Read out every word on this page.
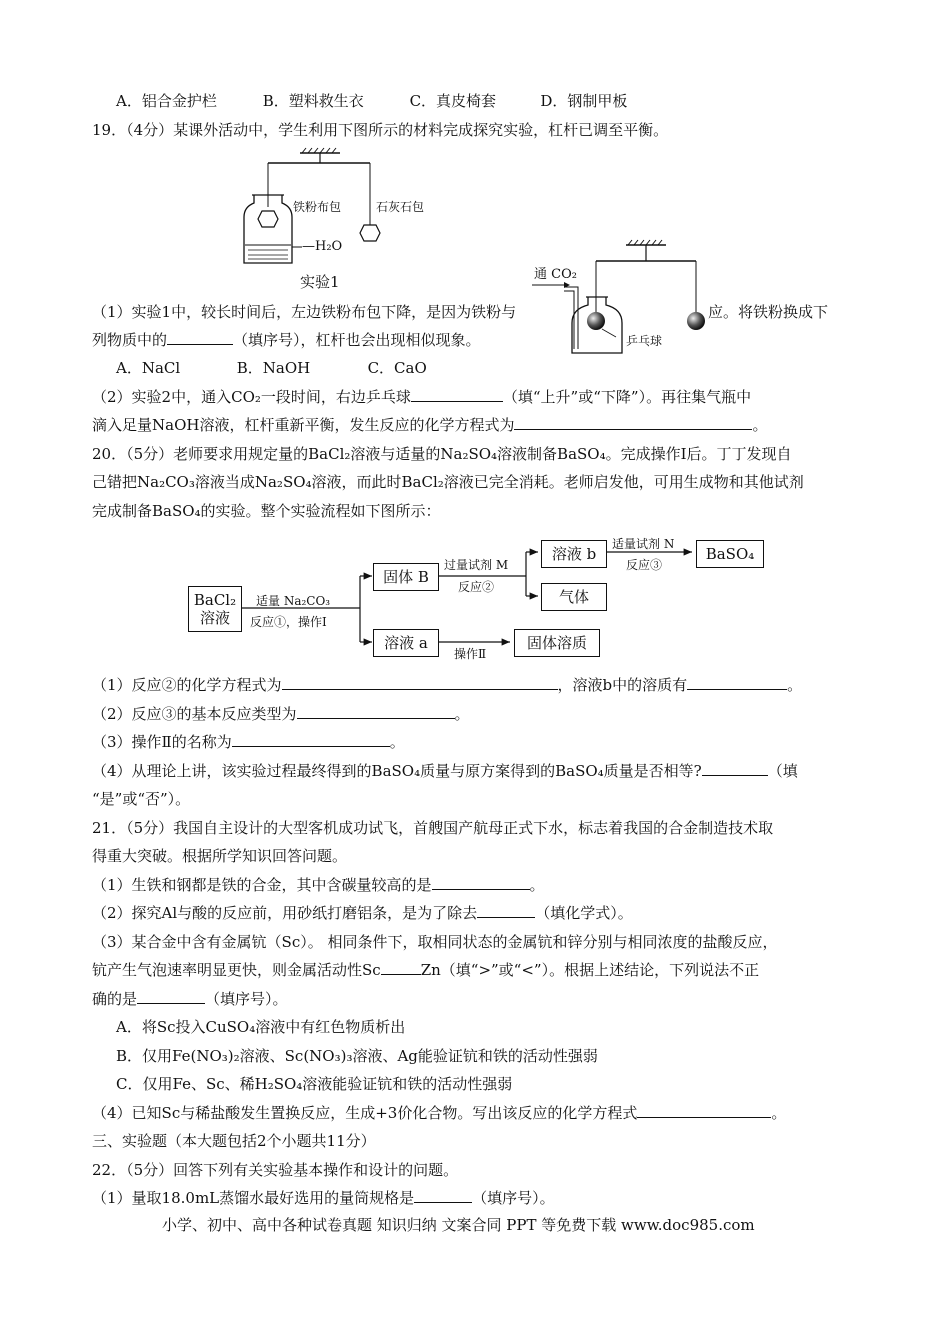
A．铝合金护栏	B．塑料救生衣	C．真皮椅套	D．钢制甲板
19．（4分）某课外活动中，学生利用下图所示的材料完成探究实验，杠杆已调至平衡。
铁粉布包	石灰石包
—H₂O
实验1	通 CO₂
乒乓球
（1）实验1中，较长时间后，左边铁粉布包下降，是因为铁粉与	应。将铁粉换成下
列物质中的	（填序号），杠杆也会出现相似现象。
A．NaCl	B．NaOH	C．CaO
（2）实验2中，通入CO₂一段时间，右边乒乓球	（填“上升”或“下降”）。再往集气瓶中
滴入足量NaOH溶液，杠杆重新平衡，发生反应的化学方程式为	。
20．（5分）老师要求用规定量的BaCl₂溶液与适量的Na₂SO₄溶液制备BaSO₄。完成操作Ⅰ后。丁丁发现自
己错把Na₂CO₃溶液当成Na₂SO₄溶液，而此时BaCl₂溶液已完全消耗。老师启发他，可用生成物和其他试剂
完成制备BaSO₄的实验。整个实验流程如下图所示：
BaCl₂
溶液
适量 Na₂CO₃
反应①，操作Ⅰ
固体 B
溶液 a
过量试剂 M
反应②
溶液 b
气体
适量试剂 N
反应③
BaSO₄
操作Ⅱ
固体溶质
（1）反应②的化学方程式为	，溶液b中的溶质有	。
（2）反应③的基本反应类型为	。
（3）操作Ⅱ的名称为	。
（4）从理论上讲，该实验过程最终得到的BaSO₄质量与原方案得到的BaSO₄质量是否相等?	（填
“是”或“否”）。
21．（5分）我国自主设计的大型客机成功试飞，首艘国产航母正式下水，标志着我国的合金制造技术取
得重大突破。根据所学知识回答问题。
（1）生铁和钢都是铁的合金，其中含碳量较高的是	。
（2）探究Al与酸的反应前，用砂纸打磨铝条，是为了除去	（填化学式）。
（3）某合金中含有金属钪（Sc）。 相同条件下，取相同状态的金属钪和锌分别与相同浓度的盐酸反应，
钪产生气泡速率明显更快，则金属活动性Sc	Zn（填“>”或“<”）。根据上述结论，下列说法不正
确的是	（填序号）。
A．将Sc投入CuSO₄溶液中有红色物质析出
B．仅用Fe(NO₃)₂溶液、Sc(NO₃)₃溶液、Ag能验证钪和铁的活动性强弱
C．仅用Fe、Sc、稀H₂SO₄溶液能验证钪和铁的活动性强弱
（4）已知Sc与稀盐酸发生置换反应，生成+3价化合物。写出该反应的化学方程式	。
三、实验题（本大题包括2个小题共11分）
22．（5分）回答下列有关实验基本操作和设计的问题。
（1）量取18.0mL蒸馏水最好选用的量筒规格是	（填序号）。
小学、初中、高中各种试卷真题 知识归纳 文案合同 PPT 等免费下载 www.doc985.com
